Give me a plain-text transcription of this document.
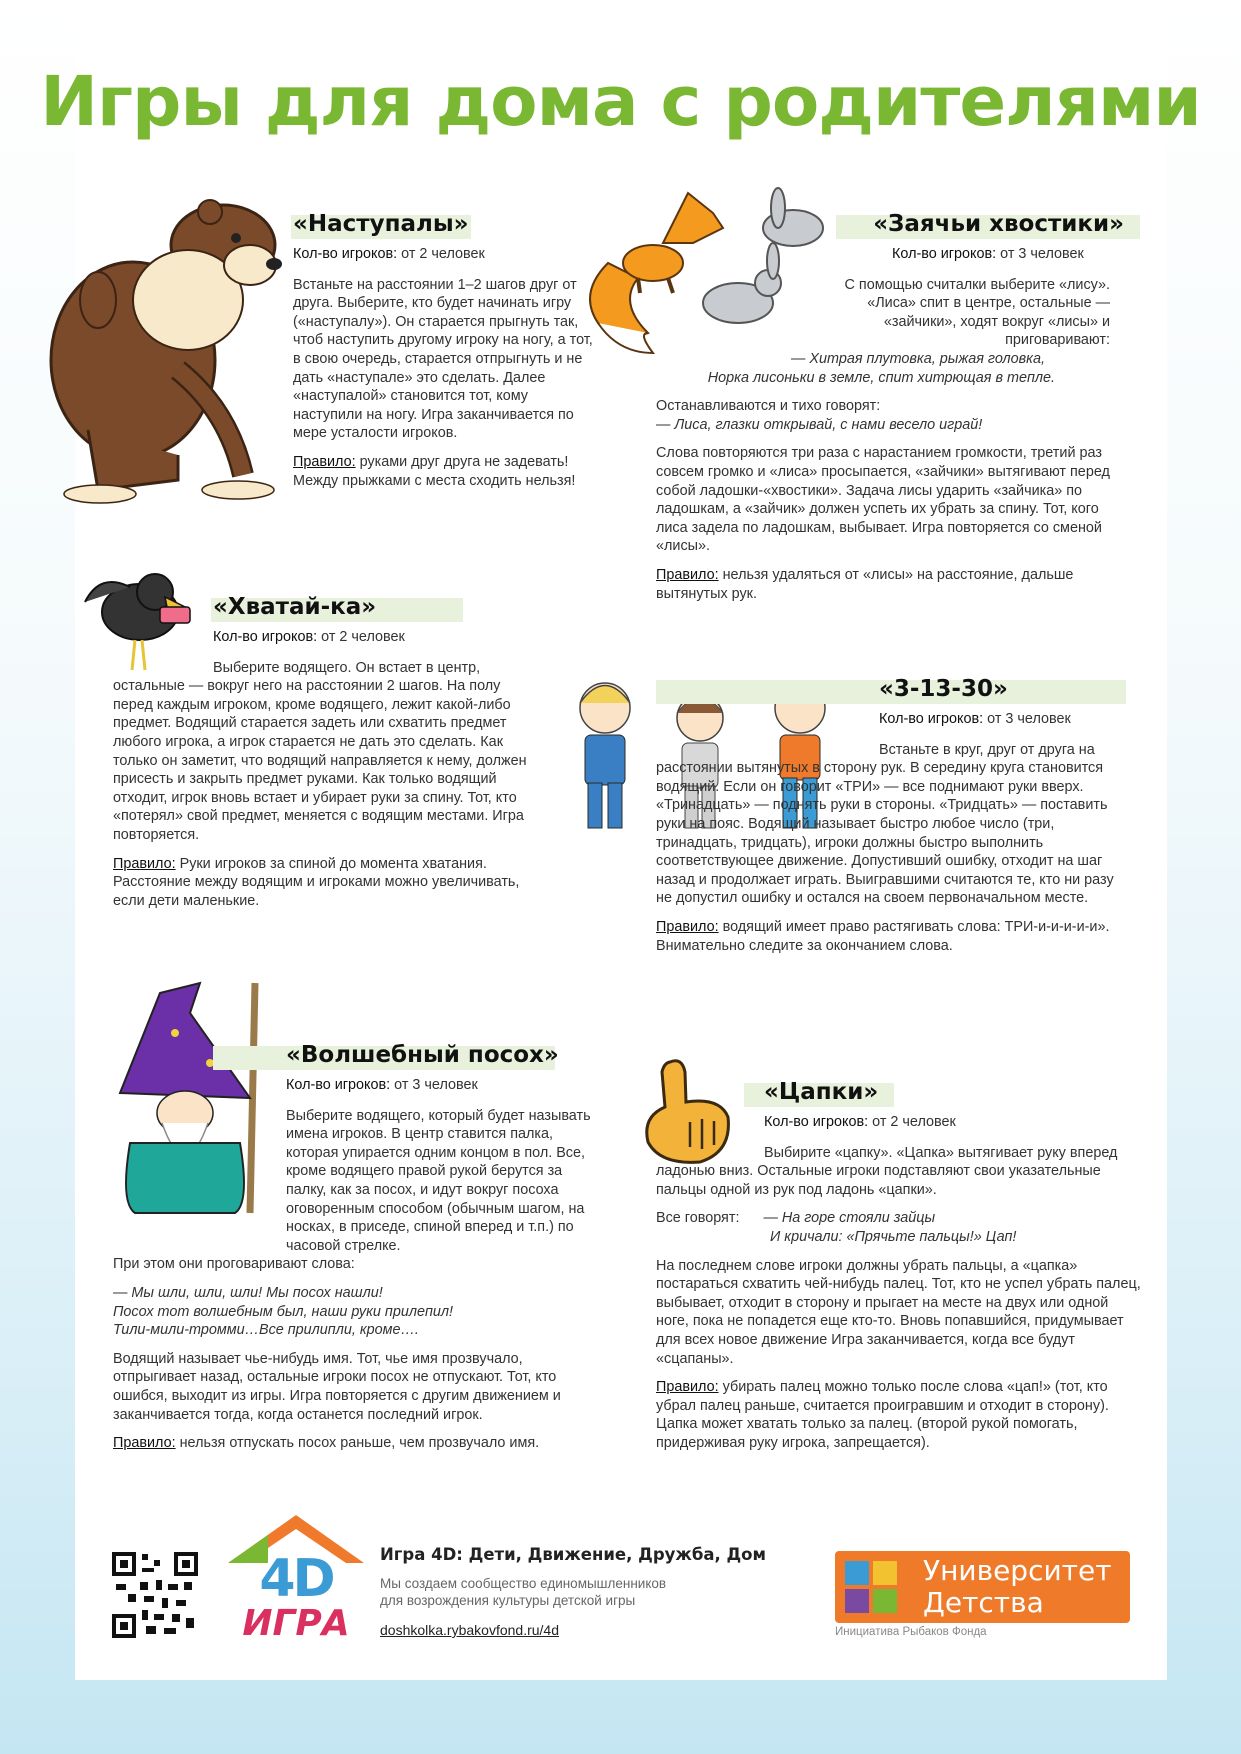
Игры для дома с родителями
«Наступалы»
Кол-во игроков: от 2 человек

Встаньте на расстоянии 1–2 шагов друг от друга. Выберите, кто будет начинать игру («наступалу»). Он старается прыгнуть так, чтоб наступить другому игроку на ногу, а тот, в свою очередь, старается отпрыгнуть и не дать «наступале» это сделать. Далее «наступалой» становится тот, кому наступили на ногу. Игра заканчивается по мере усталости игроков.

Правило: руками друг друга не задевать! Между прыжками с места сходить нельзя!

«Заячьи хвостики»
Кол-во игроков: от 3 человек

С помощью считалки выберите «лису». «Лиса» спит в центре, остальные — «зайчики», ходят вокруг «лисы» и приговаривают:

— Хитрая плутовка, рыжая головка,
Норка лисоньки в земле, спит хитрющая в тепле.
Останавливаются и тихо говорят:
— Лиса, глазки открывай, с нами весело играй!

Слова повторяются три раза с нарастанием громкости, третий раз совсем громко и «лиса» просыпается, «зайчики» вытягивают перед собой ладошки-«хвостики». Задача лисы ударить «зайчика» по ладошкам, а «зайчик» должен успеть их убрать за спину. Тот, кого лиса задела по ладошкам, выбывает. Игра повторяется со сменой «лисы».

Правило: нельзя удаляться от «лисы» на расстояние, дальше вытянутых рук.

«Хватай-ка»
Кол-во игроков: от 2 человек

Выберите водящего. Он встает в центр, остальные — вокруг него на расстоянии 2 шагов. На полу перед каждым игроком, кроме водящего, лежит какой-либо предмет. Водящий старается задеть или схватить предмет любого игрока, а игрок старается не дать это сделать. Как только он заметит, что водящий направляется к нему, должен присесть и закрыть предмет руками. Как только водящий отходит, игрок вновь встает и убирает руки за спину. Тот, кто «потерял» свой предмет, меняется с водящим местами. Игра повторяется.

Правило: Руки игроков за спиной до момента хватания. Расстояние между водящим и игроками можно увеличивать, если дети маленькие.

«3-13-30»
Кол-во игроков: от 3 человек

Встаньте в круг, друг от друга на расстоянии вытянутых в сторону рук. В середину круга становится водящий. Если он говорит «ТРИ» — все поднимают руки вверх. «Тринадцать» — поднять руки в стороны. «Тридцать» — поставить руки на пояс. Водящий называет быстро любое число (три, тринадцать, тридцать), игроки должны быстро выполнить соответствующее движение. Допустивший ошибку, отходит на шаг назад и продолжает играть. Выигравшими считаются те, кто ни разу не допустил ошибку и остался на своем первоначальном месте.

Правило: водящий имеет право растягивать слова: ТРИ-и-и-и-и-и». Внимательно следите за окончанием слова.

«Волшебный посох»
Кол-во игроков: от 3 человек
Выберите водящего, который будет называть имена игроков. В центр ставится палка, которая упирается одним концом в пол. Все, кроме водящего правой рукой берутся за палку, как за посох, и идут вокруг посоха оговоренным способом (обычным шагом, на носках, в приседе, спиной вперед и т.п.) по часовой стрелке.

При этом они проговаривают слова:

— Мы шли, шли, шли! Мы посох нашли!
Посох тот волшебным был, наши руки прилепил!
Тили-мили-тромми…Все прилипли, кроме….

Водящий называет чье-нибудь имя. Тот, чье имя прозвучало, отпрыгивает назад, остальные игроки посох не отпускают. Тот, кто ошибся, выходит из игры. Игра повторяется с другим движением и заканчивается тогда, когда останется последний игрок.

Правило: нельзя отпускать посох раньше, чем прозвучало имя.

«Цапки»
Кол-во игроков: от 2 человек

Выбирите «цапку». «Цапка» вытягивает руку вперед ладонью вниз. Остальные игроки подставляют свои указательные пальцы одной из рук под ладонь «цапки».

Все говорят: — На горе стояли зайцы
И кричали: «Прячьте пальцы!» Цап!

На последнем слове игроки должны убрать пальцы, а «цапка» постараться схватить чей-нибудь палец. Тот, кто не успел убрать палец, выбывает, отходит в сторону и прыгает на месте на двух или одной ноге, пока не попадется еще кто-то. Вновь попавшийся, придумывает для всех новое движение Игра заканчивается, когда все будут «сцапаны».

Правило: убирать палец можно только после слова «цап!» (тот, кто убрал палец раньше, считается проигравшим и отходит в сторону). Цапка может хватать только за палец. (второй рукой помогать, придерживая руку игрока, запрещается).

4D
ИГРА
Игра 4D: Дети, Движение, Дружба, Дом
Мы создаем сообщество единомышленников
для возрождения культуры детской игры
doshkolka.rybakovfond.ru/4d
Университет
Детства
Инициатива Рыбаков Фонда
